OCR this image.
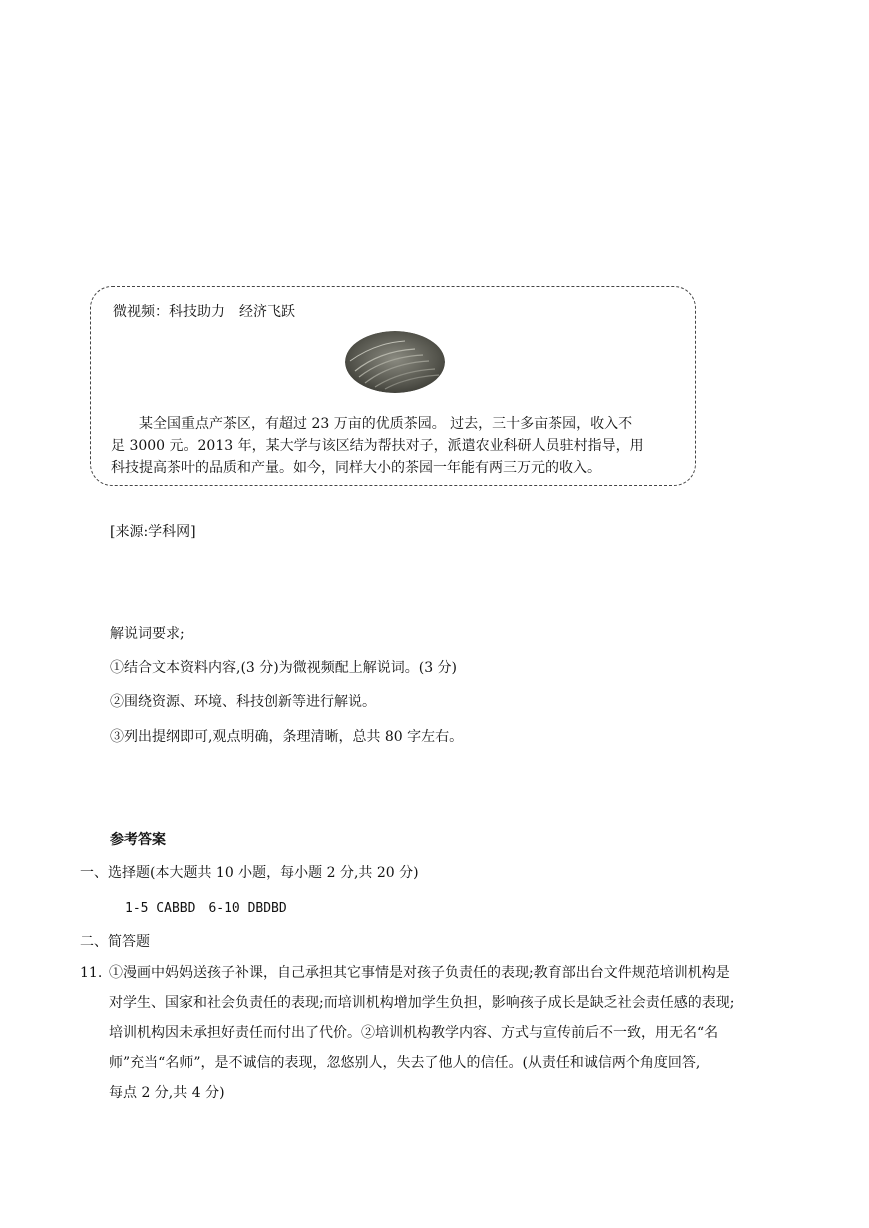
微视频：科技助力　经济飞跃

某全国重点产茶区，有超过 23 万亩的优质茶园。 过去，三十多亩茶园，收入不

足 3000 元。2013 年，某大学与该区结为帮扶对子，派遣农业科研人员驻村指导，用

科技提高茶叶的品质和产量。如今，同样大小的茶园一年能有两三万元的收入。

[来源:学科网]
解说词要求;
①结合文本资料内容,(3 分)为微视频配上解说词。(3 分)
②围绕资源、环境、科技创新等进行解说。
③列出提纲即可,观点明确，条理清晰，总共 80 字左右。
参考答案
一、选择题(本大题共 10 小题，每小题 2 分,共 20 分)
1-5 CABBD　6-10 DBDBD
二、简答题
11. ①漫画中妈妈送孩子补课，自己承担其它事情是对孩子负责任的表现;教育部出台文件规范培训机构是

对学生、国家和社会负责任的表现;而培训机构增加学生负担，影响孩子成长是缺乏社会责任感的表现;

培训机构因未承担好责任而付出了代价。②培训机构教学内容、方式与宣传前后不一致，用无名“名

师”充当“名师”，是不诚信的表现，忽悠别人，失去了他人的信任。(从责任和诚信两个角度回答,

每点 2 分,共 4 分)
